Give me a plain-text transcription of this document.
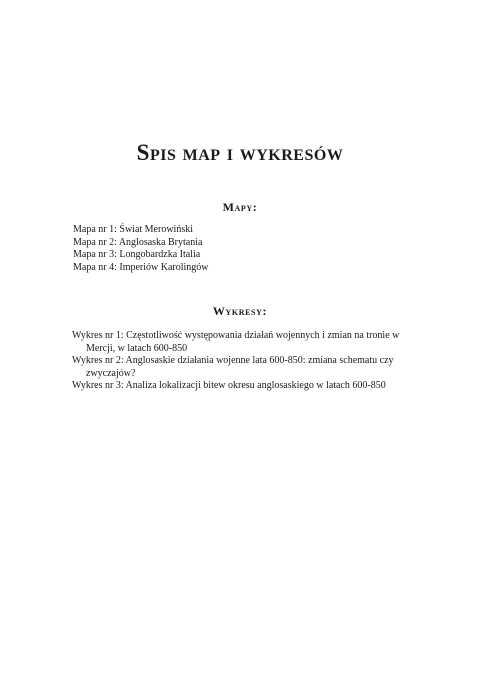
Spis map i wykresów
Mapy:
Mapa nr 1: Świat Merowiński
Mapa nr 2: Anglosaska Brytania
Mapa nr 3: Longobardzka Italia
Mapa nr 4: Imperiów Karolingów
Wykresy:
Wykres nr 1: Częstotliwość występowania działań wojennych i zmian na tronie w Mercji, w latach 600-850
Wykres nr 2: Anglosaskie działania wojenne lata 600-850: zmiana schematu czy zwyczajów?
Wykres nr 3: Analiza lokalizacji bitew okresu anglosaskiego w latach 600-850
